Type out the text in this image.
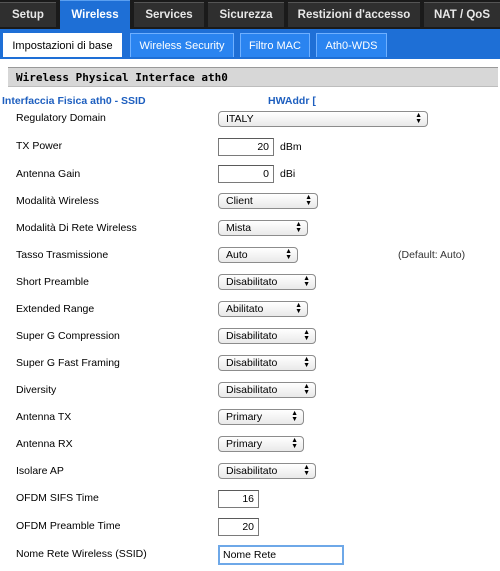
Setup	Wireless	Services	Sicurezza	Restizioni d'accesso	NAT / QoS
Impostazioni di base	Wireless Security	Filtro MAC	Ath0-WDS
Wireless Physical Interface ath0
Interfaccia Fisica ath0 - SSID	HWAddr [
Regulatory Domain	ITALY	▲
▼
TX Power	20	dBm
Antenna Gain	0	dBi
Modalità Wireless	Client	▲
▼
Modalità Di Rete Wireless	Mista	▲
▼
Tasso Trasmissione	Auto	▲
▼	(Default: Auto)
Short Preamble	Disabilitato	▲
▼
Extended Range	Abilitato	▲
▼
Super G Compression	Disabilitato	▲
▼
Super G Fast Framing	Disabilitato	▲
▼
Diversity	Disabilitato	▲
▼
Antenna TX	Primary	▲
▼
Antenna RX	Primary	▲
▼
Isolare AP	Disabilitato	▲
▼
OFDM SIFS Time	16
OFDM Preamble Time	20
Nome Rete Wireless (SSID)	Nome Rete
